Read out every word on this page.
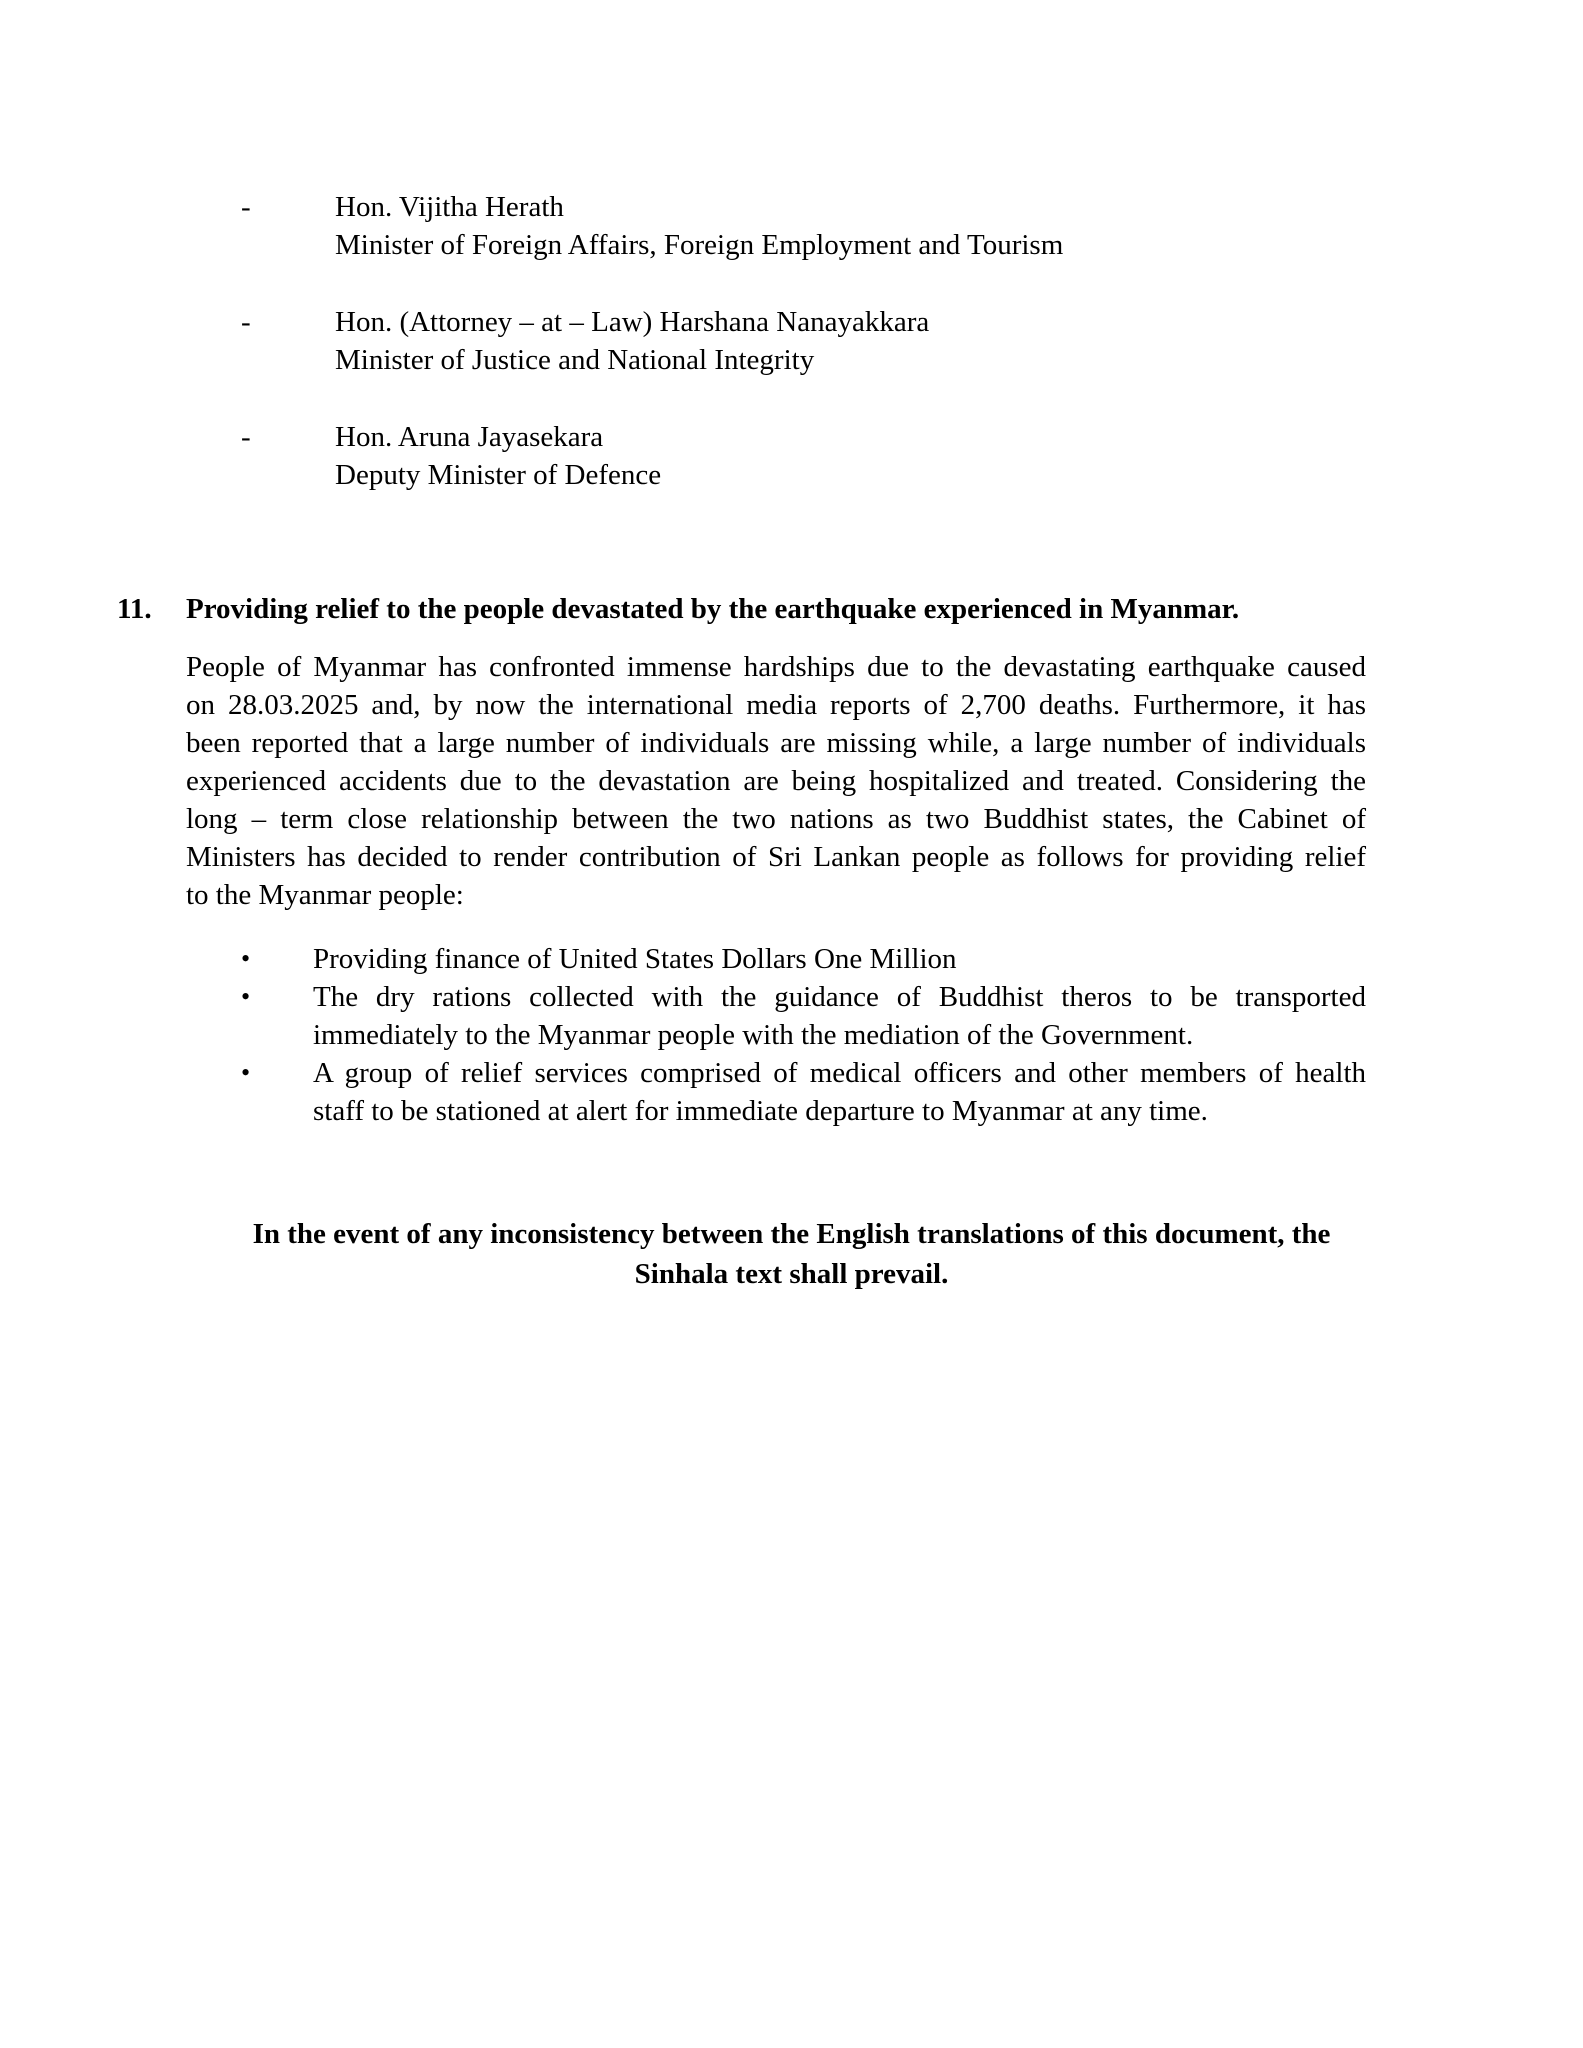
-	Hon. Vijitha Herath
Minister of Foreign Affairs, Foreign Employment and Tourism
-	Hon. (Attorney – at – Law) Harshana Nanayakkara
Minister of Justice and National Integrity
-	Hon. Aruna Jayasekara
Deputy Minister of Defence
11. Providing relief to the people devastated by the earthquake experienced in Myanmar.
People of Myanmar has confronted immense hardships due to the devastating earthquake caused
on 28.03.2025 and, by now the international media reports of 2,700 deaths. Furthermore, it has
been reported that a large number of individuals are missing while, a large number of individuals
experienced accidents due to the devastation are being hospitalized and treated. Considering the
long – term close relationship between the two nations as two Buddhist states, the Cabinet of
Ministers has decided to render contribution of Sri Lankan people as follows for providing relief
to the Myanmar people:
• Providing finance of United States Dollars One Million
• The dry rations collected with the guidance of Buddhist theros to be transported
immediately to the Myanmar people with the mediation of the Government.
• A group of relief services comprised of medical officers and other members of health
staff to be stationed at alert for immediate departure to Myanmar at any time.
In the event of any inconsistency between the English translations of this document, the
Sinhala text shall prevail.
